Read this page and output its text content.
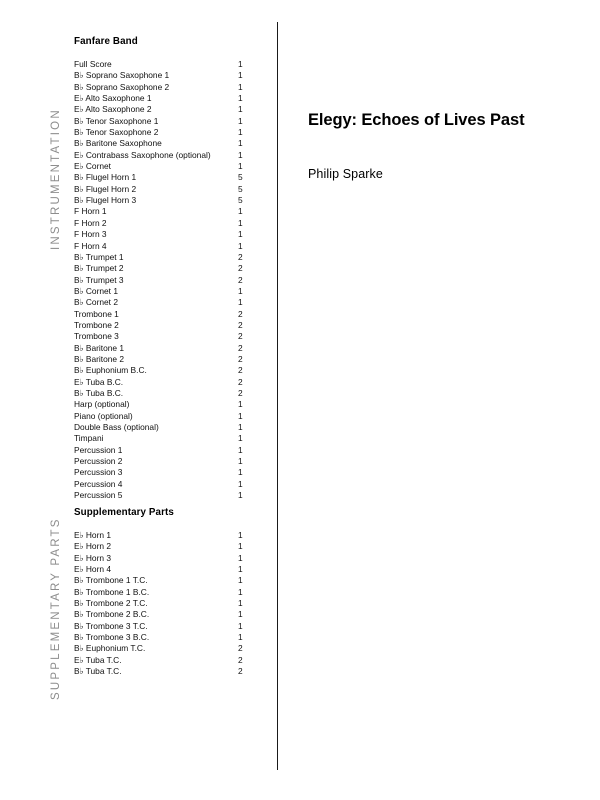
INSTRUMENTATION
SUPPLEMENTARY PARTS
Fanfare Band
Full Score	1
B♭ Soprano Saxophone 1	1
B♭ Soprano Saxophone 2	1
E♭ Alto Saxophone 1	1
E♭ Alto Saxophone 2	1
B♭ Tenor Saxophone 1	1
B♭ Tenor Saxophone 2	1
B♭ Baritone Saxophone	1
E♭ Contrabass Saxophone (optional)	1
E♭ Cornet	1
B♭ Flugel Horn 1	5
B♭ Flugel Horn 2	5
B♭ Flugel Horn 3	5
F Horn 1	1
F Horn 2	1
F Horn 3	1
F Horn 4	1
B♭ Trumpet 1	2
B♭ Trumpet 2	2
B♭ Trumpet 3	2
B♭ Cornet 1	1
B♭ Cornet 2	1
Trombone 1	2
Trombone 2	2
Trombone 3	2
B♭ Baritone 1	2
B♭ Baritone 2	2
B♭ Euphonium B.C.	2
E♭ Tuba B.C.	2
B♭ Tuba B.C.	2
Harp (optional)	1
Piano (optional)	1
Double Bass (optional)	1
Timpani	1
Percussion 1	1
Percussion 2	1
Percussion 3	1
Percussion 4	1
Percussion 5	1
Supplementary Parts
E♭ Horn 1	1
E♭ Horn 2	1
E♭ Horn 3	1
E♭ Horn 4	1
B♭ Trombone 1 T.C.	1
B♭ Trombone 1 B.C.	1
B♭ Trombone 2 T.C.	1
B♭ Trombone 2 B.C.	1
B♭ Trombone 3 T.C.	1
B♭ Trombone 3 B.C.	1
B♭ Euphonium T.C.	2
E♭ Tuba T.C.	2
B♭ Tuba T.C.	2
Elegy: Echoes of Lives Past

Philip Sparke
